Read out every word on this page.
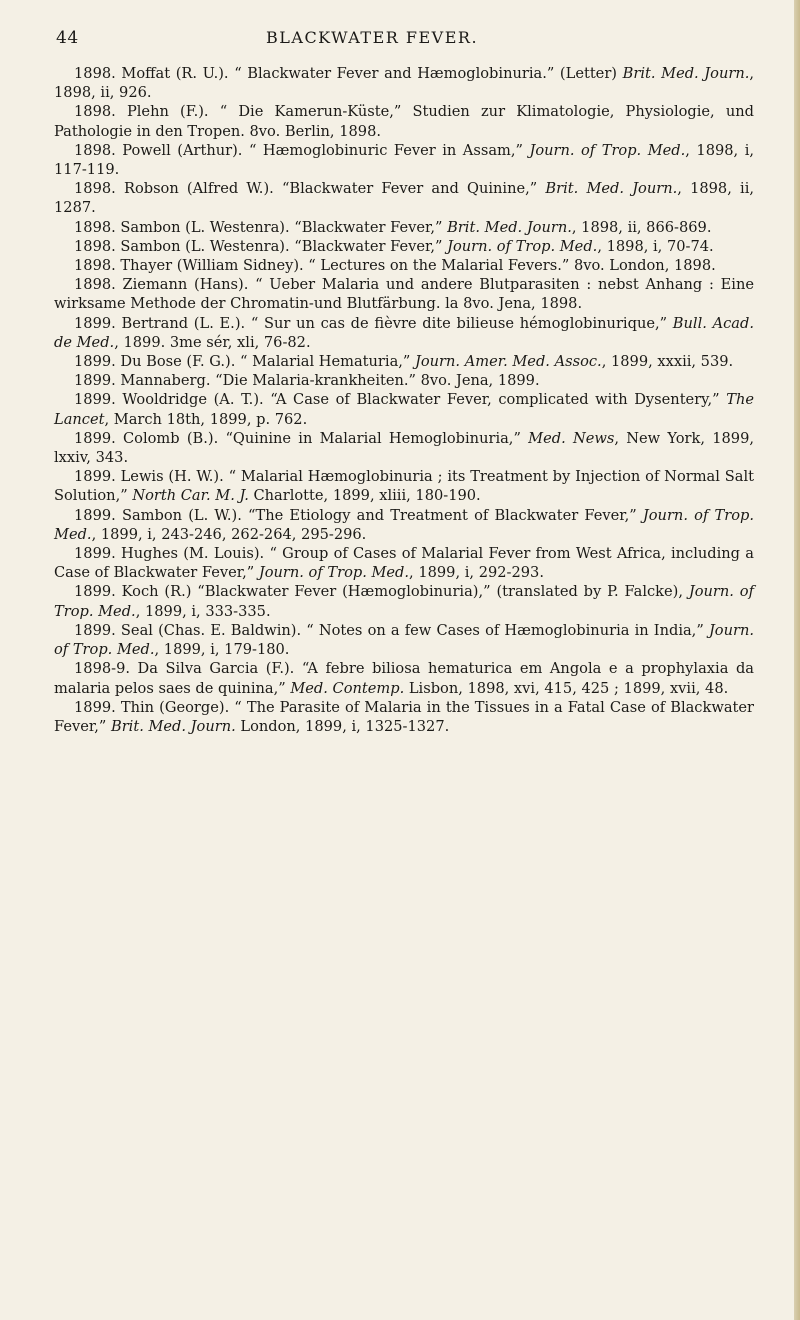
44	BLACKWATER FEVER.

1898. Moffat (R. U.). “ Blackwater Fever and Hæmoglobinuria.” (Letter) Brit. Med. Journ., 1898, ii, 926.

1898. Plehn (F.). “ Die Kamerun-Küste,” Studien zur Klimatologie, Physiologie, und Pathologie in den Tropen. 8vo. Berlin, 1898.

1898. Powell (Arthur). “ Hæmoglobinuric Fever in Assam,” Journ. of Trop. Med., 1898, i, 117-119.

1898. Robson (Alfred W.). “Blackwater Fever and Quinine,” Brit. Med. Journ., 1898, ii, 1287.

1898. Sambon (L. Westenra). “Blackwater Fever,” Brit. Med. Journ., 1898, ii, 866-869.

1898. Sambon (L. Westenra). “Blackwater Fever,” Journ. of Trop. Med., 1898, i, 70-74.

1898. Thayer (William Sidney). “ Lectures on the Malarial Fevers.” 8vo. London, 1898.

1898. Ziemann (Hans). “ Ueber Malaria und andere Blutparasiten : nebst Anhang : Eine wirksame Methode der Chromatin-und Blutfärbung. la 8vo. Jena, 1898.

1899. Bertrand (L. E.). “ Sur un cas de fièvre dite bilieuse hémoglobinurique,” Bull. Acad. de Med., 1899. 3me sér, xli, 76-82.

1899. Du Bose (F. G.). “ Malarial Hematuria,” Journ. Amer. Med. Assoc., 1899, xxxii, 539.

1899. Mannaberg. “Die Malaria-krankheiten.” 8vo. Jena, 1899.

1899. Wooldridge (A. T.). “A Case of Blackwater Fever, complicated with Dysentery,” The Lancet, March 18th, 1899, p. 762.

1899. Colomb (B.). “Quinine in Malarial Hemoglobinuria,” Med. News, New York, 1899, lxxiv, 343.

1899. Lewis (H. W.). “ Malarial Hæmoglobinuria ; its Treatment by Injection of Normal Salt Solution,” North Car. M. J. Charlotte, 1899, xliii, 180-190.

1899. Sambon (L. W.). “The Etiology and Treatment of Blackwater Fever,” Journ. of Trop. Med., 1899, i, 243-246, 262-264, 295-296.

1899. Hughes (M. Louis). “ Group of Cases of Malarial Fever from West Africa, including a Case of Blackwater Fever,” Journ. of Trop. Med., 1899, i, 292-293.

1899. Koch (R.) “Blackwater Fever (Hæmoglobinuria),” (translated by P. Falcke), Journ. of Trop. Med., 1899, i, 333-335.

1899. Seal (Chas. E. Baldwin). “ Notes on a few Cases of Hæmoglobinuria in India,” Journ. of Trop. Med., 1899, i, 179-180.

1898-9. Da Silva Garcia (F.). “A febre biliosa hematurica em Angola e a prophylaxia da malaria pelos saes de quinina,” Med. Contemp. Lisbon, 1898, xvi, 415, 425 ; 1899, xvii, 48.

1899. Thin (George). “ The Parasite of Malaria in the Tissues in a Fatal Case of Blackwater Fever,” Brit. Med. Journ. London, 1899, i, 1325-1327.
